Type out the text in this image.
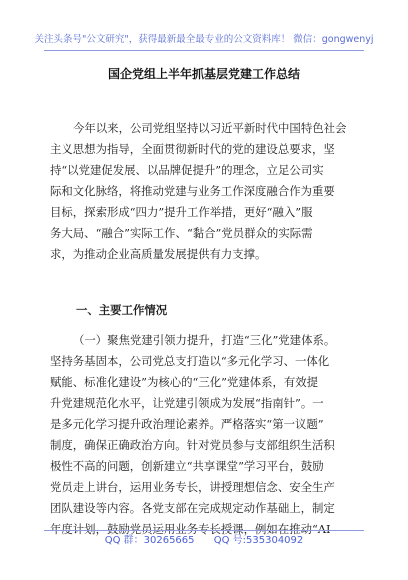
关注头条号"公文研究"，获得最新最全最专业的公文资料库！ 微信：gongwenyj
国企党组上半年抓基层党建工作总结
今年以来，公司党组坚持以习近平新时代中国特色社会
主义思想为指导，全面贯彻新时代的党的建设总要求，坚
持“以党建促发展、以品牌促提升”的理念，立足公司实
际和文化脉络，将推动党建与业务工作深度融合作为重要
目标，探索形成“四力”提升工作举措，更好“融入”服
务大局、“融合”实际工作、“黏合”党员群众的实际需
求，为推动企业高质量发展提供有力支撑。
一、主要工作情况
（一）聚焦党建引领力提升，打造“三化”党建体系。
坚持务基固本，公司党总支打造以“多元化学习、一体化
赋能、标准化建设”为核心的“三化”党建体系，有效提
升党建规范化水平，让党建引领成为发展“指南针”。一
是多元化学习提升政治理论素养。严格落实“第一议题”
制度，确保正确政治方向。针对党员参与支部组织生活积
极性不高的问题，创新建立“共享课堂”学习平台，鼓励
党员走上讲台，运用业务专长，讲授理想信念、安全生产
团队建设等内容。各党支部在完成规定动作基础上，制定
年度计划，鼓励党员运用业务专长授课，例如在推动“AI
QQ 群：30265665 QQ 号:535304092
